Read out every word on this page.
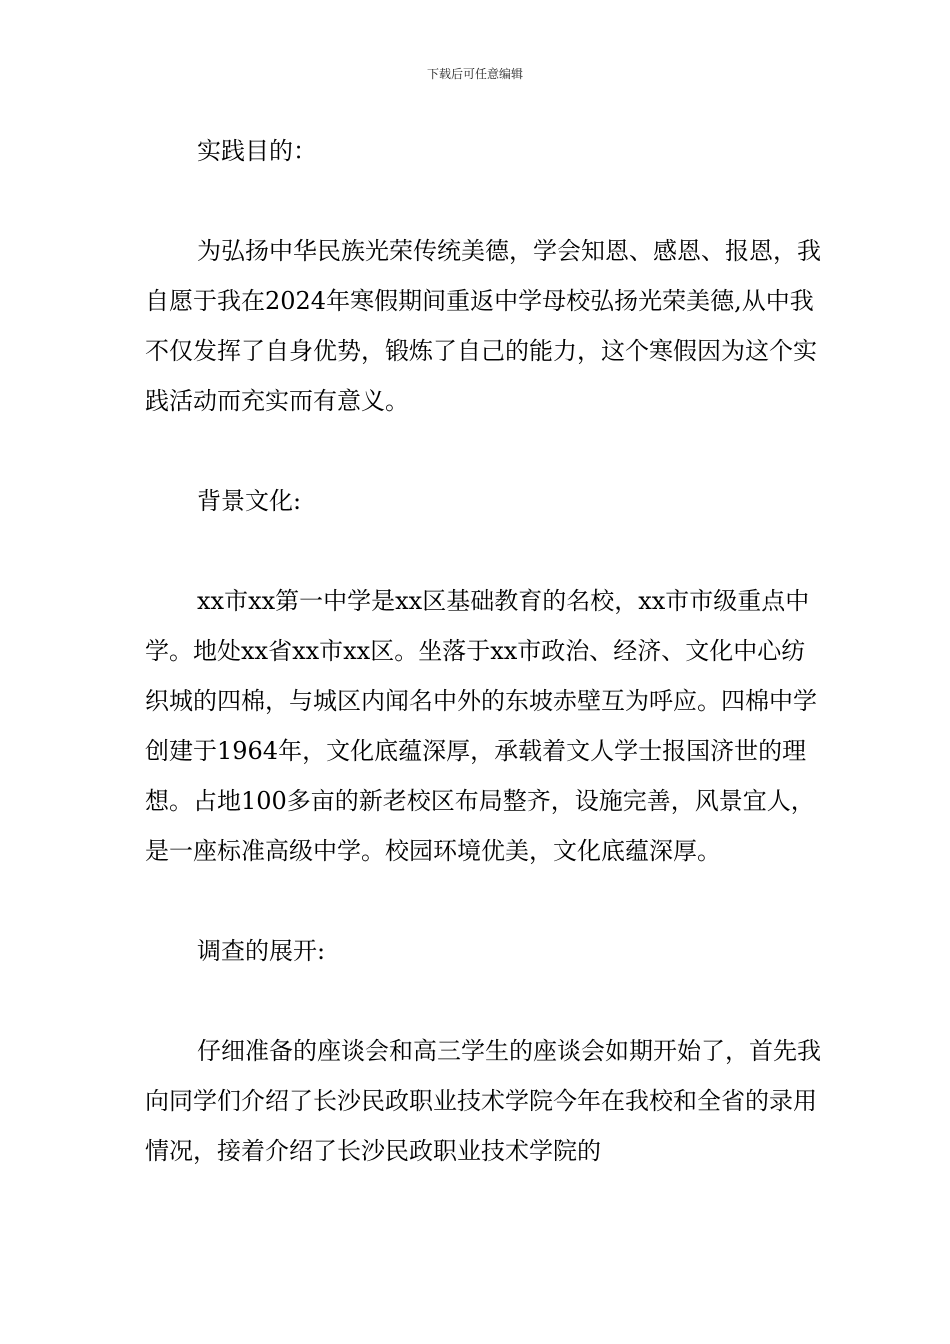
下载后可任意编辑

实践目的：

为弘扬中华民族光荣传统美德，学会知恩、感恩、报恩，我自愿于我在2024年寒假期间重返中学母校弘扬光荣美德,从中我不仅发挥了自身优势，锻炼了自己的能力，这个寒假因为这个实践活动而充实而有意义。

背景文化:

xx市xx第一中学是xx区基础教育的名校，xx市市级重点中学。地处xx省xx市xx区。坐落于xx市政治、经济、文化中心纺织城的四棉，与城区内闻名中外的东坡赤壁互为呼应。四棉中学创建于1964年，文化底蕴深厚，承载着文人学士报国济世的理想。占地100多亩的新老校区布局整齐，设施完善，风景宜人，是一座标准高级中学。校园环境优美，文化底蕴深厚。

调查的展开:

仔细准备的座谈会和高三学生的座谈会如期开始了，首先我向同学们介绍了长沙民政职业技术学院今年在我校和全省的录用情况，接着介绍了长沙民政职业技术学院的
